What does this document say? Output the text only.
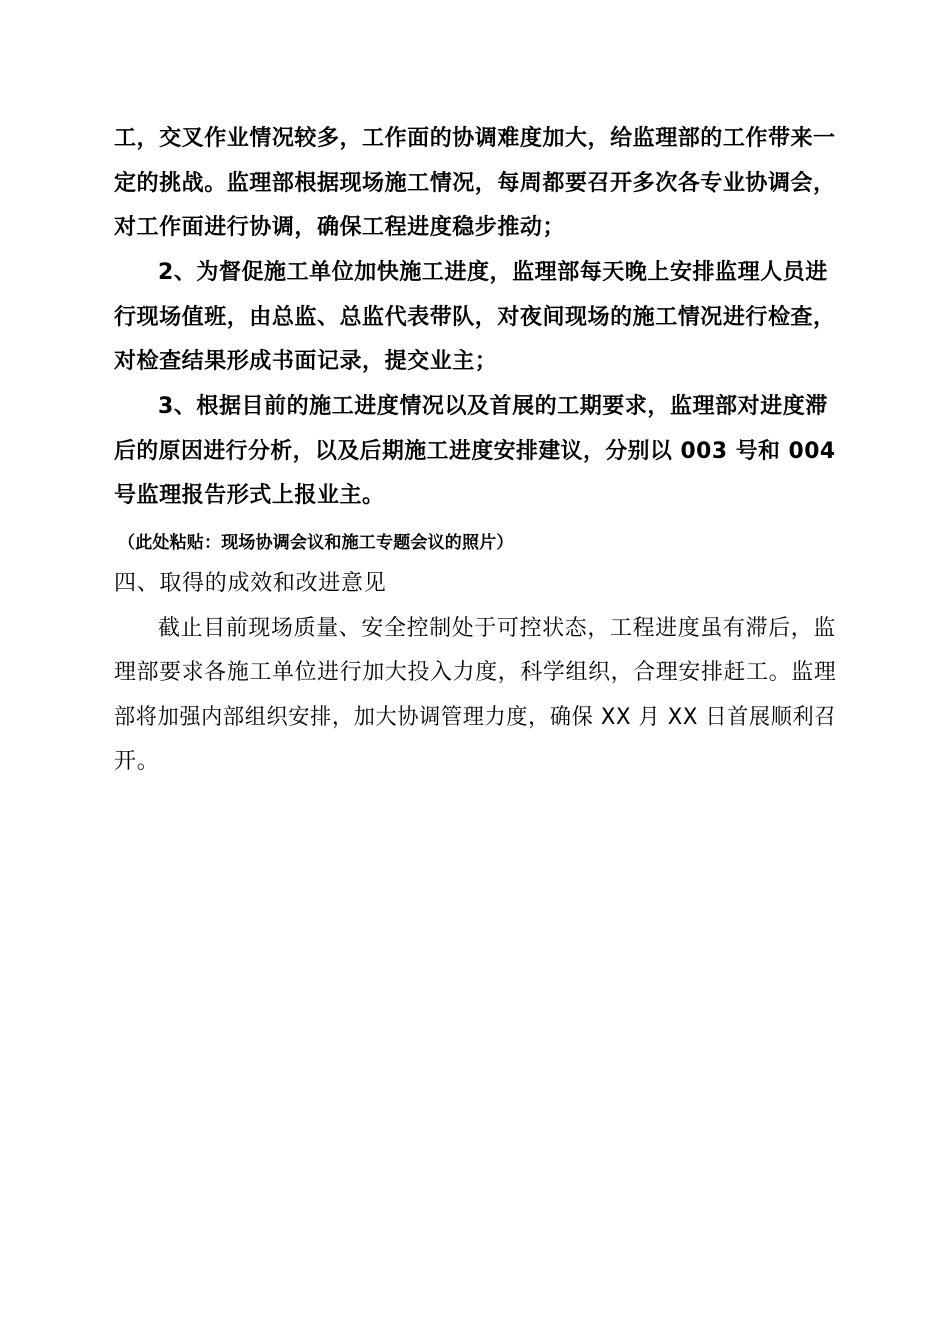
工，交叉作业情况较多，工作面的协调难度加大，给监理部的工作带来一
定的挑战。监理部根据现场施工情况，每周都要召开多次各专业协调会，
对工作面进行协调，确保工程进度稳步推动；
2、为督促施工单位加快施工进度，监理部每天晚上安排监理人员进
行现场值班，由总监、总监代表带队，对夜间现场的施工情况进行检查，
对检查结果形成书面记录，提交业主；
3、根据目前的施工进度情况以及首展的工期要求，监理部对进度滞
后的原因进行分析，以及后期施工进度安排建议，分别以 003 号和 004
号监理报告形式上报业主。
（此处粘贴：现场协调会议和施工专题会议的照片）
四、取得的成效和改进意见
截止目前现场质量、安全控制处于可控状态，工程进度虽有滞后，监
理部要求各施工单位进行加大投入力度，科学组织，合理安排赶工。监理
部将加强内部组织安排，加大协调管理力度，确保 XX 月 XX 日首展顺利召
开。
